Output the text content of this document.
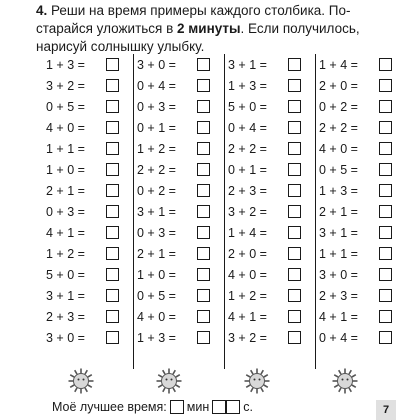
4. Реши на время примеры каждого столбика. По-старайся уложиться в 2 минуты. Если получилось, нарисуй солнышку улыбку.
1 + 3 =
3 + 2 =
0 + 5 =
4 + 0 =
1 + 1 =
1 + 0 =
2 + 1 =
0 + 3 =
4 + 1 =
1 + 2 =
5 + 0 =
3 + 1 =
2 + 3 =
3 + 0 =
3 + 0 =
0 + 4 =
0 + 3 =
0 + 1 =
1 + 2 =
2 + 2 =
0 + 2 =
3 + 1 =
0 + 3 =
2 + 1 =
1 + 0 =
0 + 5 =
4 + 0 =
1 + 3 =
3 + 1 =
1 + 3 =
5 + 0 =
0 + 4 =
2 + 2 =
0 + 1 =
2 + 3 =
3 + 2 =
1 + 4 =
2 + 0 =
4 + 0 =
1 + 2 =
4 + 1 =
3 + 2 =
1 + 4 =
2 + 0 =
0 + 2 =
2 + 2 =
4 + 0 =
0 + 5 =
1 + 3 =
2 + 1 =
3 + 1 =
1 + 1 =
3 + 0 =
2 + 3 =
4 + 1 =
0 + 4 =
Моё лучшее время: мин	с.	7
